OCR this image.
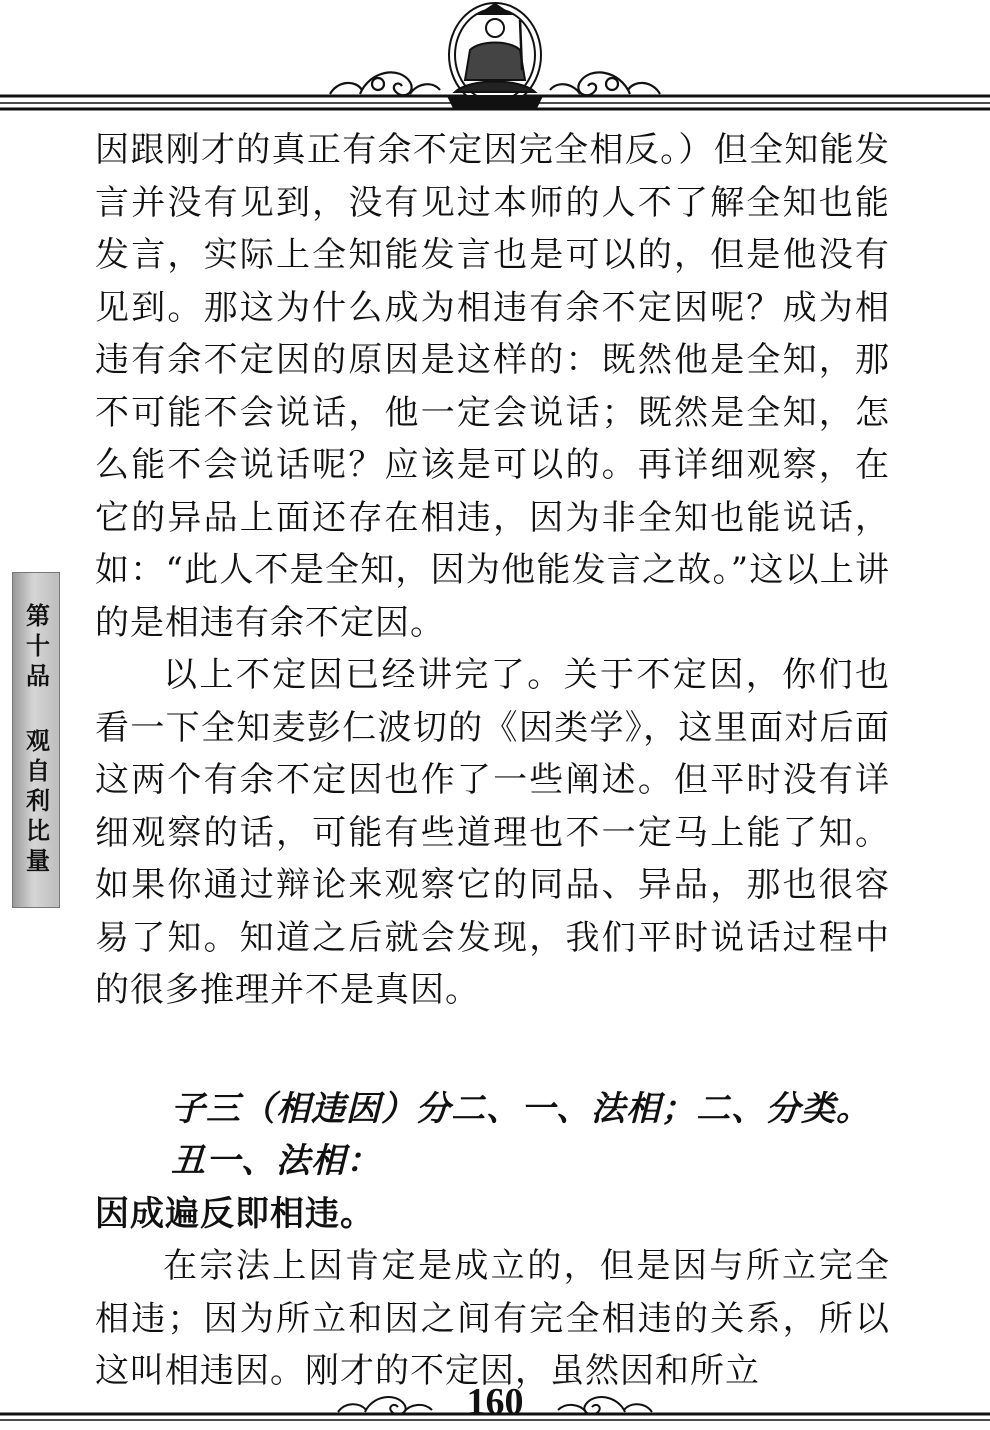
第十品 观自利比量

因跟刚才的真正有余不定因完全相反。）但全知能发言并没有见到，没有见过本师的人不了解全知也能发言，实际上全知能发言也是可以的，但是他没有见到。那这为什么成为相违有余不定因呢？成为相违有余不定因的原因是这样的：既然他是全知，那不可能不会说话，他一定会说话；既然是全知，怎么能不会说话呢？应该是可以的。再详细观察，在它的异品上面还存在相违，因为非全知也能说话，如：“此人不是全知，因为他能发言之故。”这以上讲的是相违有余不定因。

以上不定因已经讲完了。关于不定因，你们也看一下全知麦彭仁波切的《因类学》，这里面对后面这两个有余不定因也作了一些阐述。但平时没有详细观察的话，可能有些道理也不一定马上能了知。如果你通过辩论来观察它的同品、异品，那也很容易了知。知道之后就会发现，我们平时说话过程中的很多推理并不是真因。

子三（相违因）分二、一、法相；二、分类。

丑一、法相：

因成遍反即相违。

在宗法上因肯定是成立的，但是因与所立完全相违；因为所立和因之间有完全相违的关系，所以这叫相违因。刚才的不定因，虽然因和所立

160
